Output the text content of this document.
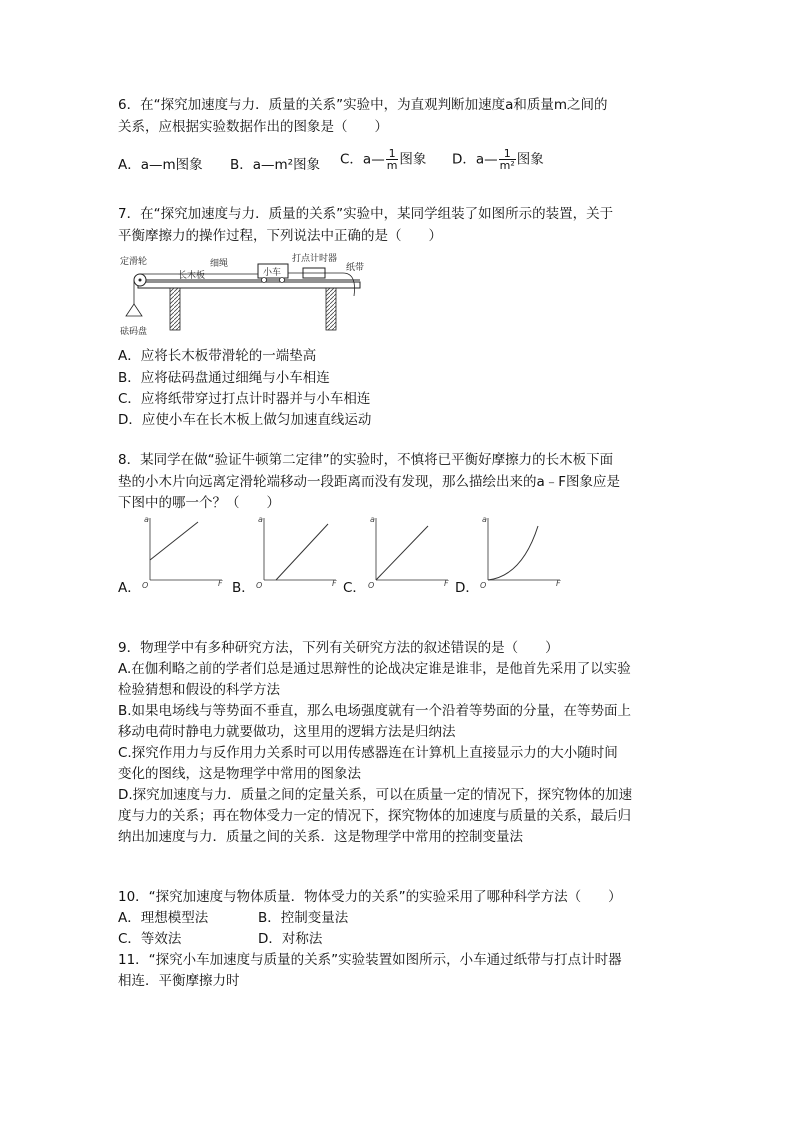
6．在“探究加速度与力．质量的关系”实验中，为直观判断加速度a和质量m之间的
关系，应根据实验数据作出的图象是（　　）
A．a—m图象 B．a—m²图象 C．a— $\frac{1}{m}$ 图象 D．a— $\frac{1}{\text{m²}}$ 图象
7．在“探究加速度与力．质量的关系”实验中，某同学组装了如图所示的装置，关于
平衡摩擦力的操作过程，下列说法中正确的是（　　）
定滑轮	细绳
小车
打点计时器
纸带
长木板
砝码盘
A．应将长木板带滑轮的一端垫高
B．应将砝码盘通过细绳与小车相连
C．应将纸带穿过打点计时器并与小车相连
D．应使小车在长木板上做匀加速直线运动
8．某同学在做“验证牛顿第二定律”的实验时，不慎将已平衡好摩擦力的长木板下面
垫的小木片向远离定滑轮端移动一段距离而没有发现，那么描绘出来的a﹣F图象应是
下图中的哪一个？（　　）
A．
a
F
O	B．
a
F
O	C．
a
F
O	D．
a
F
O
9．物理学中有多种研究方法，下列有关研究方法的叙述错误的是（　　）
A.在伽利略之前的学者们总是通过思辩性的论战决定谁是谁非，是他首先采用了以实验
检验猜想和假设的科学方法
B.如果电场线与等势面不垂直，那么电场强度就有一个沿着等势面的分量，在等势面上
移动电荷时静电力就要做功，这里用的逻辑方法是归纳法
C.探究作用力与反作用力关系时可以用传感器连在计算机上直接显示力的大小随时间
变化的图线，这是物理学中常用的图象法
D.探究加速度与力．质量之间的定量关系，可以在质量一定的情况下，探究物体的加速
度与力的关系；再在物体受力一定的情况下，探究物体的加速度与质量的关系，最后归
纳出加速度与力．质量之间的关系．这是物理学中常用的控制变量法
10．“探究加速度与物体质量．物体受力的关系”的实验采用了哪种科学方法（　　）
A．理想模型法	B．控制变量法
C．等效法	D．对称法
11．“探究小车加速度与质量的关系”实验装置如图所示，小车通过纸带与打点计时器
相连．平衡摩擦力时
